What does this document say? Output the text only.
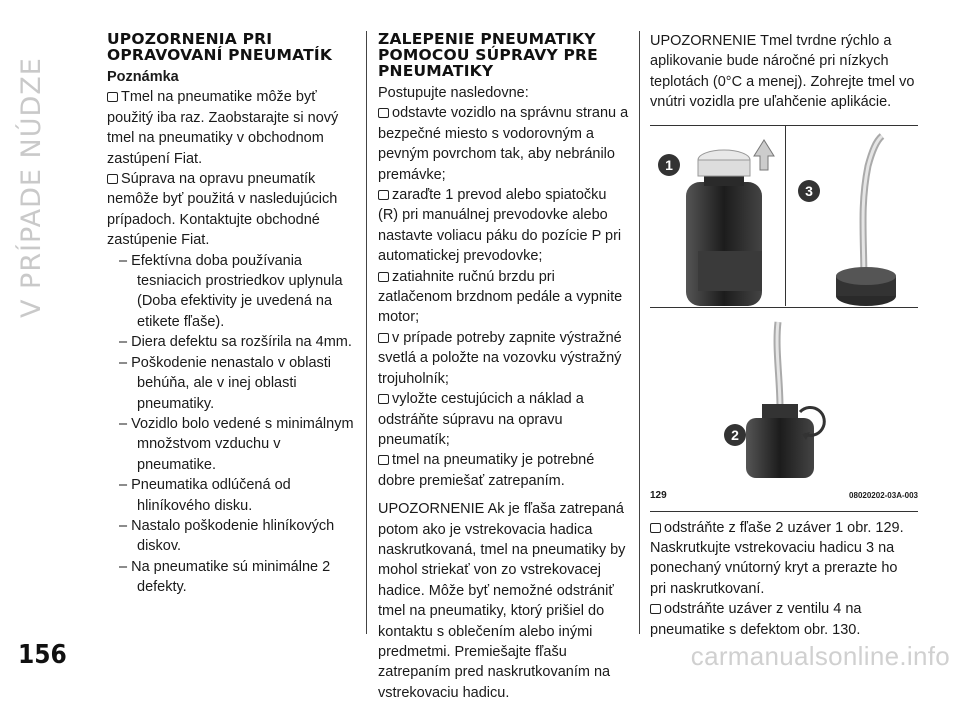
V PRÍPADE NÚDZE
UPOZORNENIA PRI OPRAVOVANÍ PNEUMATÍK

Poznámka

Tmel na pneumatike môže byť použitý iba raz. Zaobstarajte si nový tmel na pneumatiky v obchodnom zastúpení Fiat.

Súprava na opravu pneumatík nemôže byť použitá v nasledujúcich prípadoch. Kontaktujte obchodné zastúpenie Fiat.

– Efektívna doba používania tesniacich prostriedkov uplynula (Doba efektivity je uvedená na etikete fľaše).

– Diera defektu sa rozšírila na 4mm.

– Poškodenie nenastalo v oblasti behúňa, ale v inej oblasti pneumatiky.

– Vozidlo bolo vedené s minimálnym množstvom vzduchu v pneumatike.

– Pneumatika odlúčená od hliníkového disku.

– Nastalo poškodenie hliníkových diskov.

– Na pneumatike sú minimálne 2 defekty.

ZALEPENIE PNEUMATIKY POMOCOU SÚPRAVY PRE PNEUMATIKY

Postupujte nasledovne:

odstavte vozidlo na správnu stranu a bezpečné miesto s vodorovným a pevným povrchom tak, aby nebránilo premávke;

zaraďte 1 prevod alebo spiatočku (R) pri manuálnej prevodovke alebo nastavte voliacu páku do pozície P pri automatickej prevodovke;

zatiahnite ručnú brzdu pri zatlačenom brzdnom pedále a vypnite motor;

v prípade potreby zapnite výstražné svetlá a položte na vozovku výstražný trojuholník;

vyložte cestujúcich a náklad a odstráňte súpravu na opravu pneumatík;

tmel na pneumatiky je potrebné dobre premiešať zatrepaním.

UPOZORNENIE Ak je fľaša zatrepaná potom ako je vstrekovacia hadica naskrutkovaná, tmel na pneumatiky by mohol striekať von zo vstrekovacej hadice. Môže byť nemožné odstrániť tmel na pneumatiky, ktorý prišiel do kontaktu s oblečením alebo inými predmetmi. Premiešajte fľašu zatrepaním pred naskrutkovaním na vstrekovaciu hadicu.

UPOZORNENIE Tmel tvrdne rýchlo a aplikovanie bude náročné pri nízkych teplotách (0°C a menej). Zohrejte tmel vo vnútri vozidla pre uľahčenie aplikácie.

1
3
2
129	08020202-03A-003

odstráňte z fľaše 2 uzáver 1 obr. 129. Naskrutkujte vstrekovaciu hadicu 3 na ponechaný vnútorný kryt a prerazte ho pri naskrutkovaní.

odstráňte uzáver z ventilu 4 na pneumatike s defektom obr. 130.

156	carmanualsonline.info
